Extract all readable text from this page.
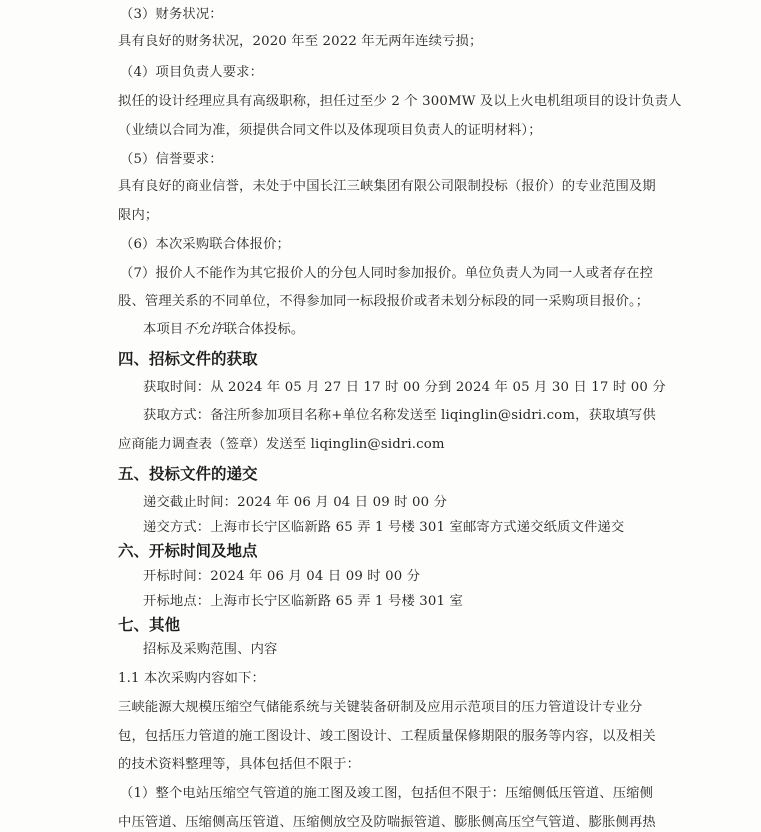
（3）财务状况：
具有良好的财务状况，2020 年至 2022 年无两年连续亏损；
（4）项目负责人要求：
拟任的设计经理应具有高级职称，担任过至少 2 个 300MW 及以上火电机组项目的设计负责人
（业绩以合同为准，须提供合同文件以及体现项目负责人的证明材料）；
（5）信誉要求：
具有良好的商业信誉，未处于中国长江三峡集团有限公司限制投标（报价）的专业范围及期
限内；
（6）本次采购联合体报价；
（7）报价人不能作为其它报价人的分包人同时参加报价。单位负责人为同一人或者存在控
股、管理关系的不同单位，不得参加同一标段报价或者未划分标段的同一采购项目报价。；
本项目不允许联合体投标。
四、招标文件的获取
获取时间：从 2024 年 05 月 27 日 17 时 00 分到 2024 年 05 月 30 日 17 时 00 分
获取方式：备注所参加项目名称+单位名称发送至 liqinglin@sidri.com，获取填写供
应商能力调查表（签章）发送至 liqinglin@sidri.com
五、投标文件的递交
递交截止时间：2024 年 06 月 04 日 09 时 00 分
递交方式：上海市长宁区临新路 65 弄 1 号楼 301 室邮寄方式递交纸质文件递交
六、开标时间及地点
开标时间：2024 年 06 月 04 日 09 时 00 分
开标地点：上海市长宁区临新路 65 弄 1 号楼 301 室
七、其他
招标及采购范围、内容
1.1 本次采购内容如下：
三峡能源大规模压缩空气储能系统与关键装备研制及应用示范项目的压力管道设计专业分
包，包括压力管道的施工图设计、竣工图设计、工程质量保修期限的服务等内容，以及相关
的技术资料整理等，具体包括但不限于：
（1）整个电站压缩空气管道的施工图及竣工图，包括但不限于：压缩侧低压管道、压缩侧
中压管道、压缩侧高压管道、压缩侧放空及防喘振管道、膨胀侧高压空气管道、膨胀侧再热
